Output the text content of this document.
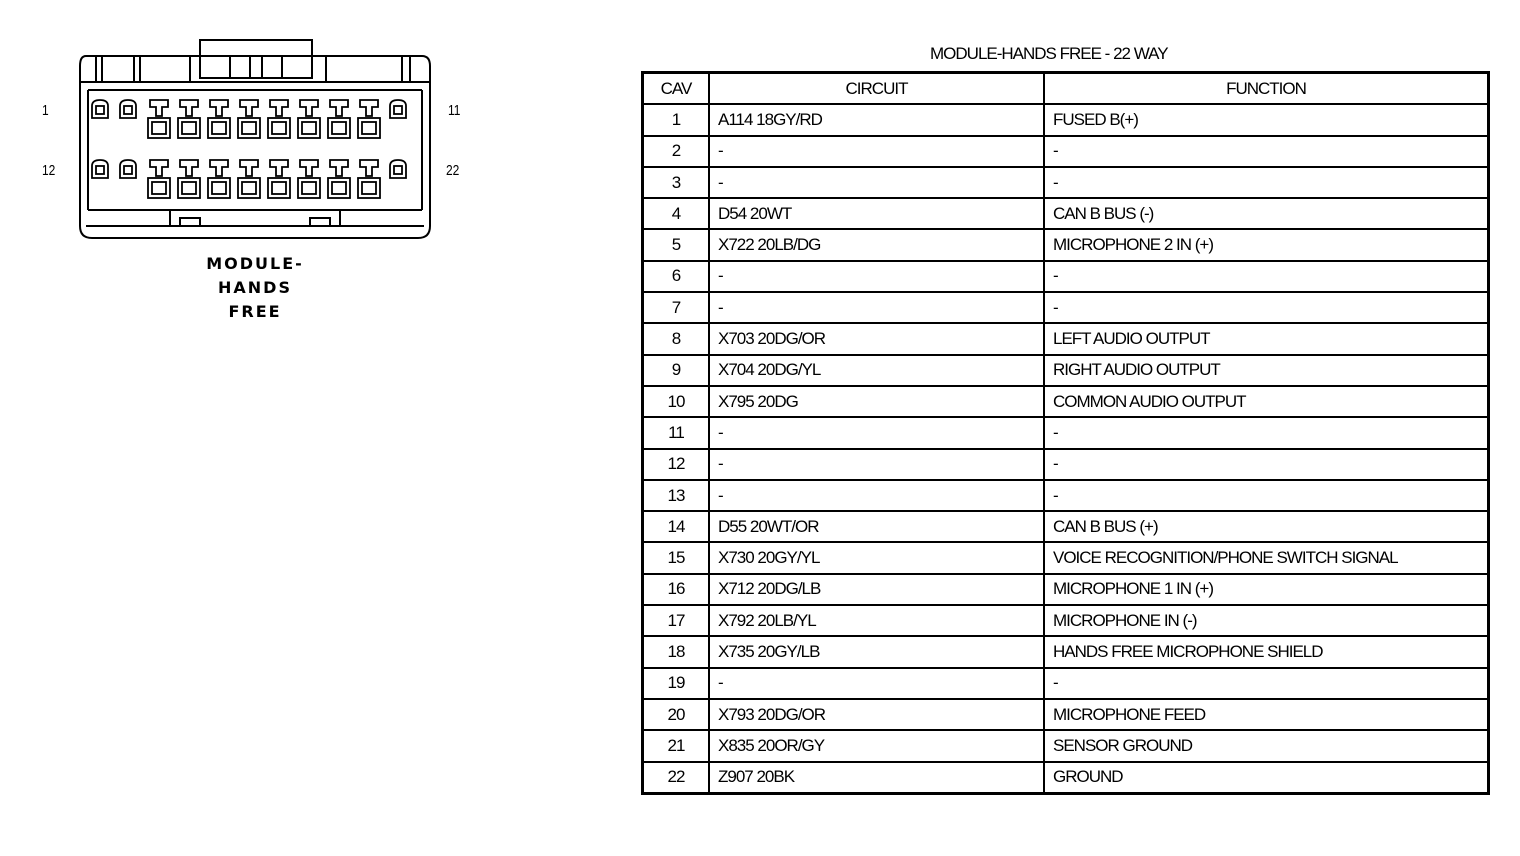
1	11
12	22
MODULE-
HANDS
FREE
MODULE-HANDS FREE - 22 WAY
CAV	CIRCUIT	FUNCTION
1	A114 18GY/RD	FUSED B(+)
2	-	-
3	-	-
4	D54 20WT	CAN B BUS (-)
5	X722 20LB/DG	MICROPHONE 2 IN (+)
6	-	-
7	-	-
8	X703 20DG/OR	LEFT AUDIO OUTPUT
9	X704 20DG/YL	RIGHT AUDIO OUTPUT
10	X795 20DG	COMMON AUDIO OUTPUT
11	-	-
12	-	-
13	-	-
14	D55 20WT/OR	CAN B BUS (+)
15	X730 20GY/YL	VOICE RECOGNITION/PHONE SWITCH SIGNAL
16	X712 20DG/LB	MICROPHONE 1 IN (+)
17	X792 20LB/YL	MICROPHONE IN (-)
18	X735 20GY/LB	HANDS FREE MICROPHONE SHIELD
19	-	-
20	X793 20DG/OR	MICROPHONE FEED
21	X835 20OR/GY	SENSOR GROUND
22	Z907 20BK	GROUND
